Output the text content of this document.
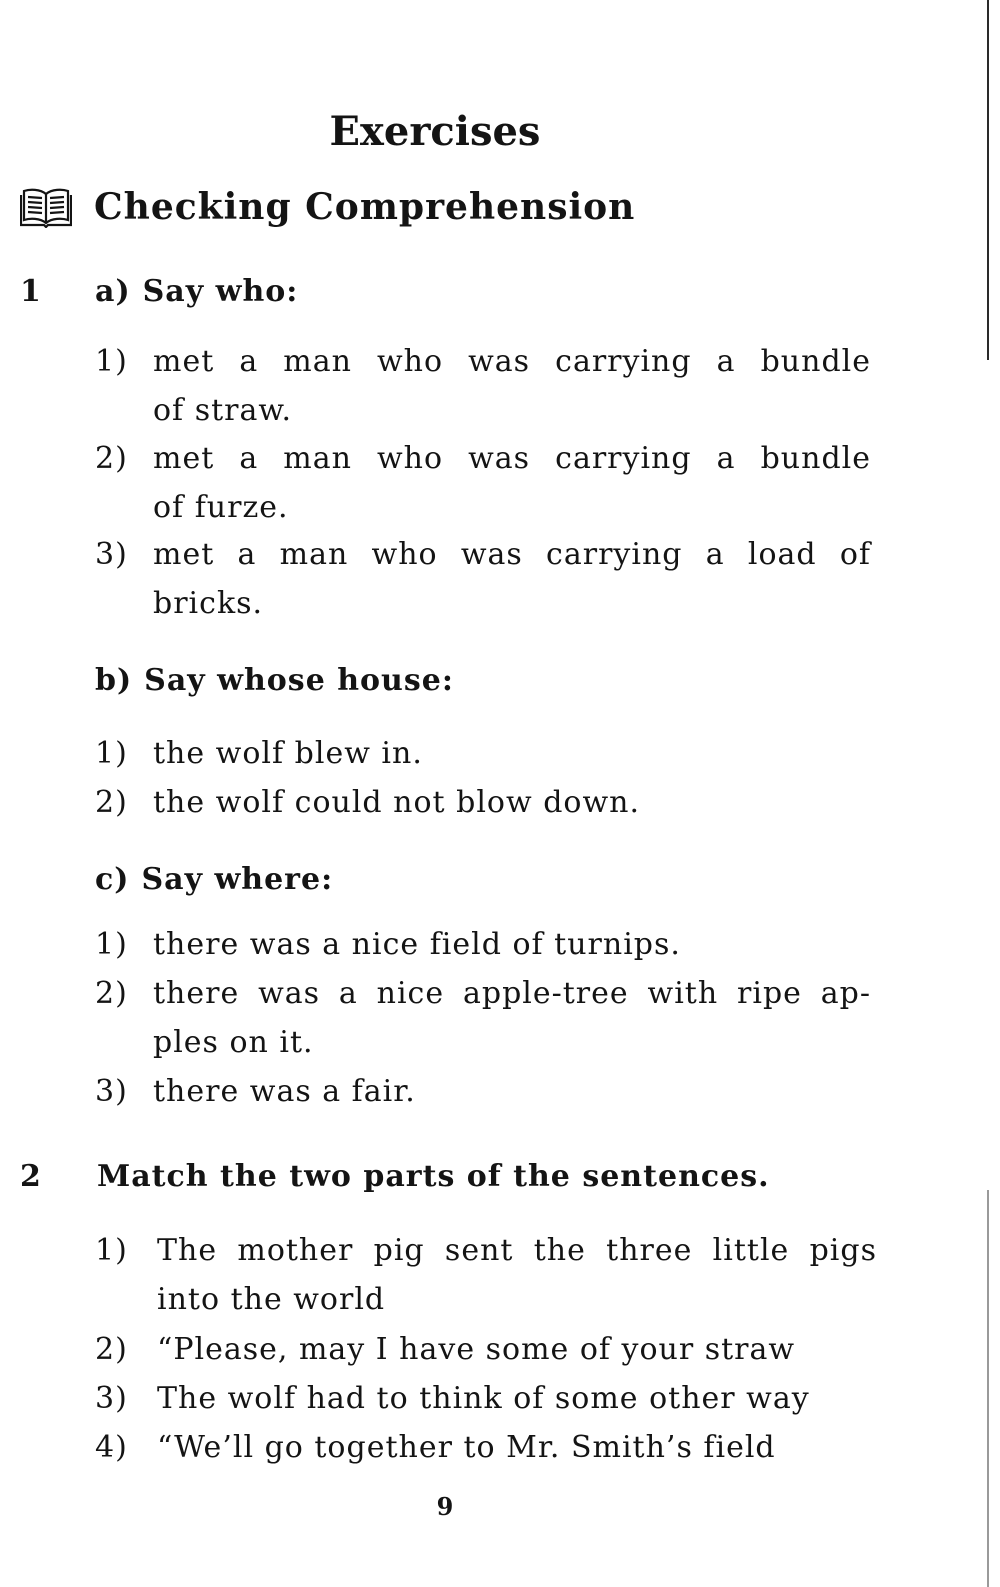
Exercises
Checking Comprehension
1 a) Say who:
1) met a man who was carrying a bundle
of straw.
2) met a man who was carrying a bundle
of furze.
3) met a man who was carrying a load of
bricks.
b) Say whose house:
1) the wolf blew in.
2) the wolf could not blow down.
c) Say where:
1) there was a nice field of turnips.
2) there was a nice apple-tree with ripe ap-
ples on it.
3) there was a fair.
2 Match the two parts of the sentences.
1) The mother pig sent the three little pigs
into the world
2) “Please, may I have some of your straw
3) The wolf had to think of some other way
4) “We’ll go together to Mr. Smith’s field
9
